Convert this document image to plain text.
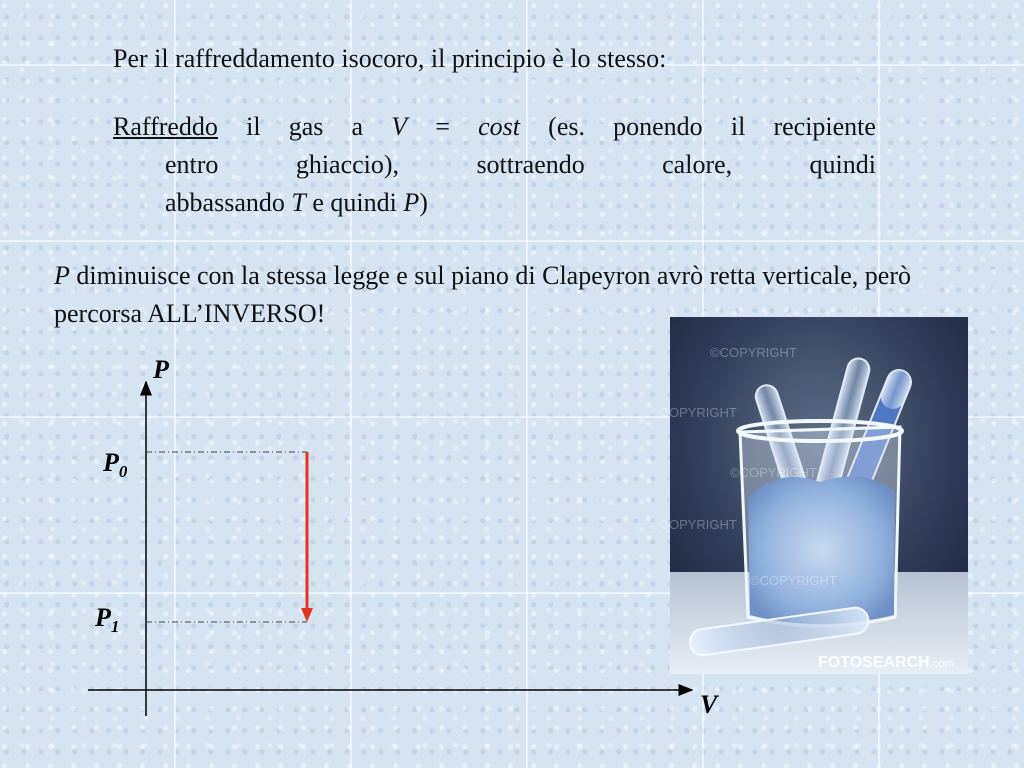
Per il raffreddamento isocoro, il principio è lo stesso:
Raffreddo il gas a V = cost (es. ponendo il recipiente
entro	ghiaccio),	sottraendo	calore,	quindi
abbassando T e quindi P)
P diminuisce con la stessa legge e sul piano di Clapeyron avrò retta verticale, però percorsa ALL’INVERSO!
©COPYRIGHT
©COPYRIGHT
©COPYRIGHT
©COPYRIGHT
©COPYRIGHT
FOTOSEARCH.com
P
V
$P_0$
$P_1$
